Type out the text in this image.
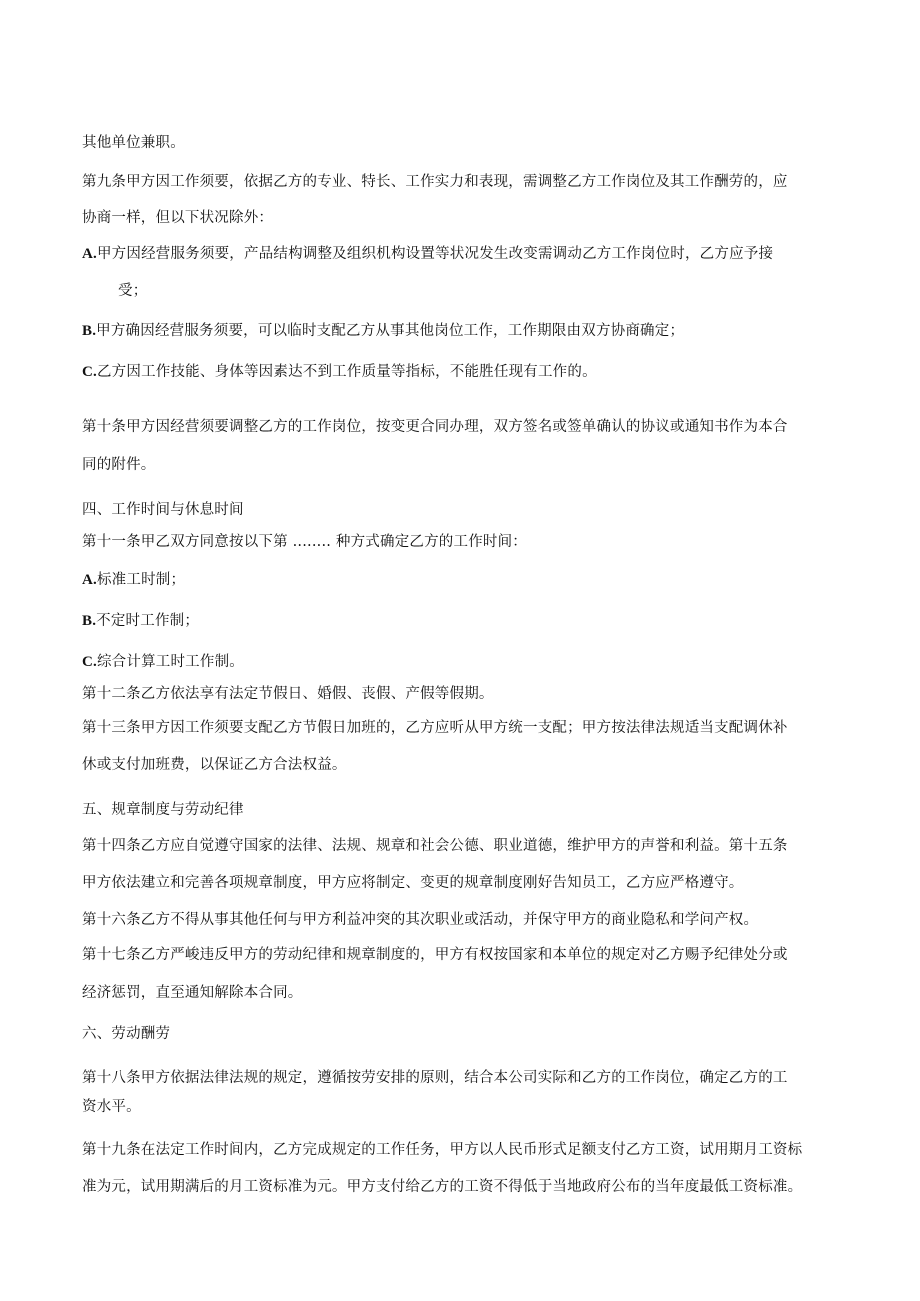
其他单位兼职。

第九条甲方因工作须要，依据乙方的专业、特长、工作实力和表现，需调整乙方工作岗位及其工作酬劳的，应

协商一样，但以下状况除外：

A.甲方因经营服务须要，产品结构调整及组织机构设置等状况发生改变需调动乙方工作岗位时，乙方应予接

受；

B.甲方确因经营服务须要，可以临时支配乙方从事其他岗位工作，工作期限由双方协商确定；

C.乙方因工作技能、身体等因素达不到工作质量等指标，不能胜任现有工作的。

第十条甲方因经营须要调整乙方的工作岗位，按变更合同办理，双方签名或签单确认的协议或通知书作为本合

同的附件。

四、工作时间与休息时间

第十一条甲乙双方同意按以下第 ........ 种方式确定乙方的工作时间：

A.标准工时制；

B.不定时工作制；

C.综合计算工时工作制。

第十二条乙方依法享有法定节假日、婚假、丧假、产假等假期。

第十三条甲方因工作须要支配乙方节假日加班的，乙方应听从甲方统一支配；甲方按法律法规适当支配调休补

休或支付加班费，以保证乙方合法权益。

五、规章制度与劳动纪律

第十四条乙方应自觉遵守国家的法律、法规、规章和社会公德、职业道德，维护甲方的声誉和利益。第十五条

甲方依法建立和完善各项规章制度，甲方应将制定、变更的规章制度刚好告知员工，乙方应严格遵守。

第十六条乙方不得从事其他任何与甲方利益冲突的其次职业或活动，并保守甲方的商业隐私和学问产权。

第十七条乙方严峻违反甲方的劳动纪律和规章制度的，甲方有权按国家和本单位的规定对乙方赐予纪律处分或

经济惩罚，直至通知解除本合同。

六、劳动酬劳

第十八条甲方依据法律法规的规定，遵循按劳安排的原则，结合本公司实际和乙方的工作岗位，确定乙方的工

资水平。

第十九条在法定工作时间内，乙方完成规定的工作任务，甲方以人民币形式足额支付乙方工资，试用期月工资标

准为元，试用期满后的月工资标准为元。甲方支付给乙方的工资不得低于当地政府公布的当年度最低工资标准。
